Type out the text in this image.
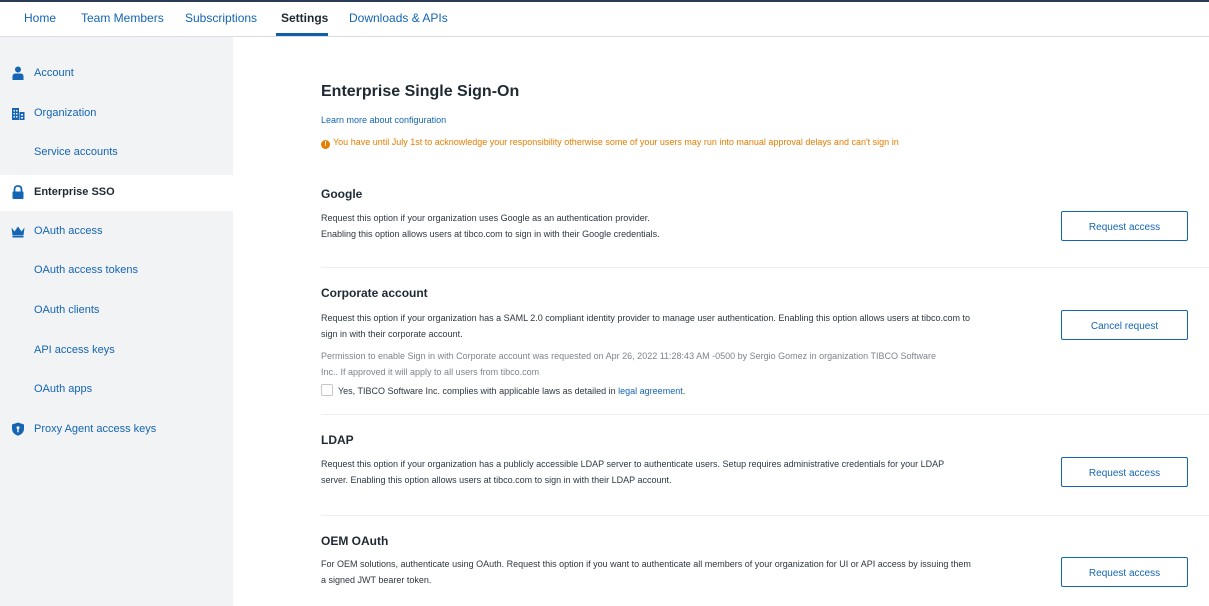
Home Team Members Subscriptions Settings Downloads & APIs
Account
Organization
Service accounts
Enterprise SSO
OAuth access
OAuth access tokens
OAuth clients
API access keys
OAuth apps
Proxy Agent access keys
Enterprise Single Sign-On
Learn more about configuration
! You have until July 1st to acknowledge your responsibility otherwise some of your users may run into manual approval delays and can't sign in
Google
Request this option if your organization uses Google as an authentication provider.
Enabling this option allows users at tibco.com to sign in with their Google credentials.
Request access
Corporate account
Request this option if your organization has a SAML 2.0 compliant identity provider to manage user authentication. Enabling this option allows users at tibco.com to sign in with their corporate account.
Permission to enable Sign in with Corporate account was requested on Apr 26, 2022 11:28:43 AM -0500 by Sergio Gomez in organization TIBCO Software Inc.. If approved it will apply to all users from tibco.com
Yes, TIBCO Software Inc. complies with applicable laws as detailed in legal agreement.
Cancel request
LDAP
Request this option if your organization has a publicly accessible LDAP server to authenticate users. Setup requires administrative credentials for your LDAP server. Enabling this option allows users at tibco.com to sign in with their LDAP account.
Request access
OEM OAuth
For OEM solutions, authenticate using OAuth. Request this option if you want to authenticate all members of your organization for UI or API access by issuing them a signed JWT bearer token.
Request access
